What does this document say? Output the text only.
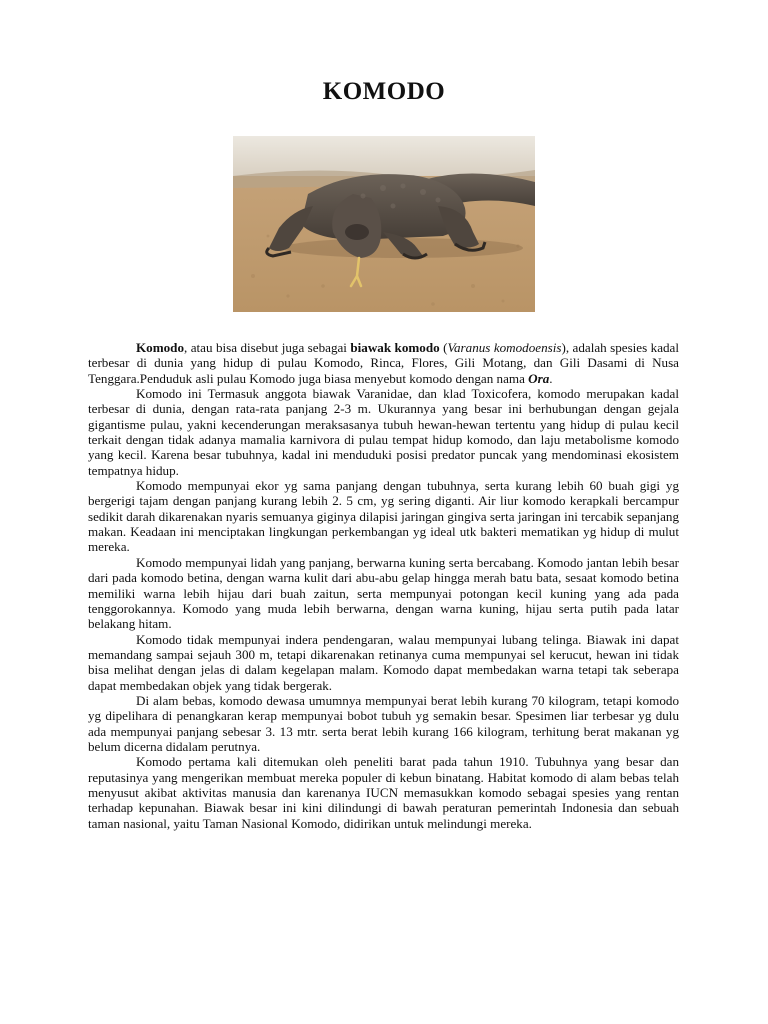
KOMODO

Komodo, atau bisa disebut juga sebagai biawak komodo (Varanus komodoensis), adalah spesies kadal terbesar di dunia yang hidup di pulau Komodo, Rinca, Flores, Gili Motang, dan Gili Dasami di Nusa Tenggara.Penduduk asli pulau Komodo juga biasa menyebut komodo dengan nama Ora.

Komodo ini Termasuk anggota biawak Varanidae, dan klad Toxicofera, komodo merupakan kadal terbesar di dunia, dengan rata-rata panjang 2-3 m. Ukurannya yang besar ini berhubungan dengan gejala gigantisme pulau, yakni kecenderungan meraksasanya tubuh hewan-hewan tertentu yang hidup di pulau kecil terkait dengan tidak adanya mamalia karnivora di pulau tempat hidup komodo, dan laju metabolisme komodo yang kecil. Karena besar tubuhnya, kadal ini menduduki posisi predator puncak yang mendominasi ekosistem tempatnya hidup.

Komodo mempunyai ekor yg sama panjang dengan tubuhnya, serta kurang lebih 60 buah gigi yg bergerigi tajam dengan panjang kurang lebih 2. 5 cm, yg sering diganti. Air liur komodo kerapkali bercampur sedikit darah dikarenakan nyaris semuanya giginya dilapisi jaringan gingiva serta jaringan ini tercabik sepanjang makan. Keadaan ini menciptakan lingkungan perkembangan yg ideal utk bakteri mematikan yg hidup di mulut mereka.

Komodo mempunyai lidah yang panjang, berwarna kuning serta bercabang. Komodo jantan lebih besar dari pada komodo betina, dengan warna kulit dari abu-abu gelap hingga merah batu bata, sesaat komodo betina memiliki warna lebih hijau dari buah zaitun, serta mempunyai potongan kecil kuning yang ada pada tenggorokannya. Komodo yang muda lebih berwarna, dengan warna kuning, hijau serta putih pada latar belakang hitam.

Komodo tidak mempunyai indera pendengaran, walau mempunyai lubang telinga. Biawak ini dapat memandang sampai sejauh 300 m, tetapi dikarenakan retinanya cuma mempunyai sel kerucut, hewan ini tidak bisa melihat dengan jelas di dalam kegelapan malam. Komodo dapat membedakan warna tetapi tak seberapa dapat membedakan objek yang tidak bergerak.

Di alam bebas, komodo dewasa umumnya mempunyai berat lebih kurang 70 kilogram, tetapi komodo yg dipelihara di penangkaran kerap mempunyai bobot tubuh yg semakin besar. Spesimen liar terbesar yg dulu ada mempunyai panjang sebesar 3. 13 mtr. serta berat lebih kurang 166 kilogram, terhitung berat makanan yg belum dicerna didalam perutnya.

Komodo pertama kali ditemukan oleh peneliti barat pada tahun 1910. Tubuhnya yang besar dan reputasinya yang mengerikan membuat mereka populer di kebun binatang. Habitat komodo di alam bebas telah menyusut akibat aktivitas manusia dan karenanya IUCN memasukkan komodo sebagai spesies yang rentan terhadap kepunahan. Biawak besar ini kini dilindungi di bawah peraturan pemerintah Indonesia dan sebuah taman nasional, yaitu Taman Nasional Komodo, didirikan untuk melindungi mereka.
